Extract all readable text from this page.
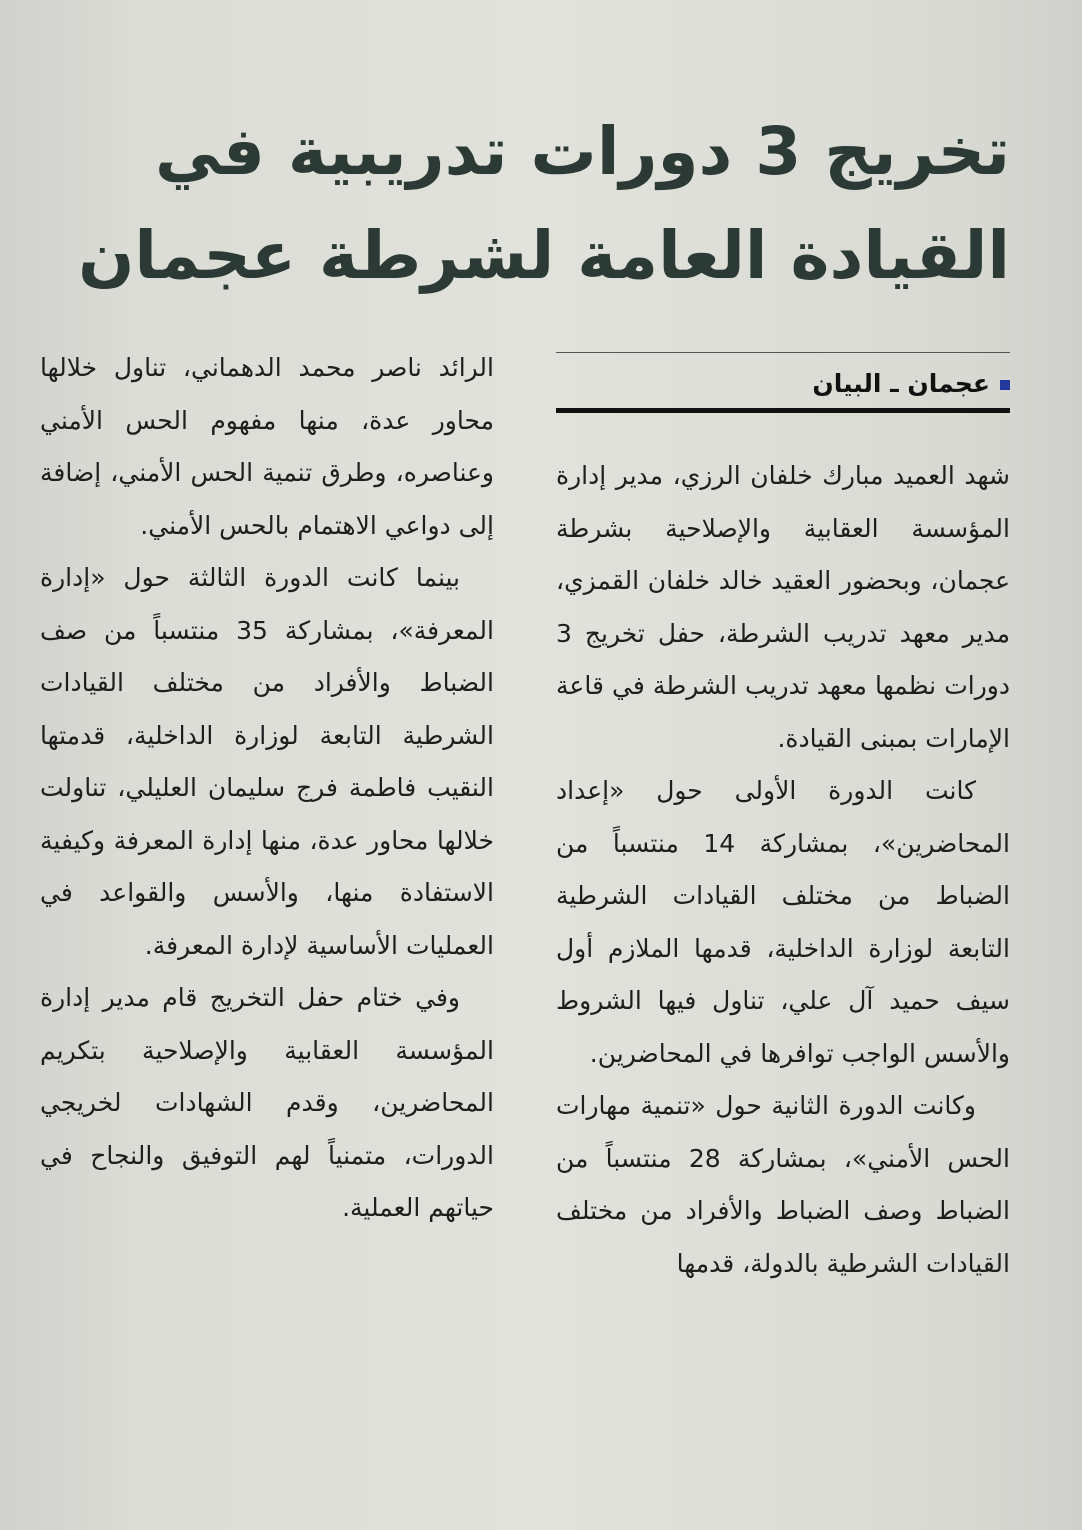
تخريج 3 دورات تدريبية في
القيادة العامة لشرطة عجمان
عجمان ـ البيان

شهد العميد مبارك خلفان الرزي، مدير إدارة المؤسسة العقابية والإصلاحية بشرطة عجمان، وبحضور العقيد خالد خلفان القمزي، مدير معهد تدريب الشرطة، حفل تخريج 3 دورات نظمها معهد تدريب الشرطة في قاعة الإمارات بمبنى القيادة.

كانت الدورة الأولى حول «إعداد المحاضرين»، بمشاركة 14 منتسباً من الضباط من مختلف القيادات الشرطية التابعة لوزارة الداخلية، قدمها الملازم أول سيف حميد آل علي، تناول فيها الشروط والأسس الواجب توافرها في المحاضرين.

وكانت الدورة الثانية حول «تنمية مهارات الحس الأمني»، بمشاركة 28 منتسباً من الضباط وصف الضباط والأفراد من مختلف القيادات الشرطية بالدولة، قدمها

الرائد ناصر محمد الدهماني، تناول خلالها محاور عدة، منها مفهوم الحس الأمني وعناصره، وطرق تنمية الحس الأمني، إضافة إلى دواعي الاهتمام بالحس الأمني.

بينما كانت الدورة الثالثة حول «إدارة المعرفة»، بمشاركة 35 منتسباً من صف الضباط والأفراد من مختلف القيادات الشرطية التابعة لوزارة الداخلية، قدمتها النقيب فاطمة فرج سليمان العليلي، تناولت خلالها محاور عدة، منها إدارة المعرفة وكيفية الاستفادة منها، والأسس والقواعد في العمليات الأساسية لإدارة المعرفة.

وفي ختام حفل التخريج قام مدير إدارة المؤسسة العقابية والإصلاحية بتكريم المحاضرين، وقدم الشهادات لخريجي الدورات، متمنياً لهم التوفيق والنجاح في حياتهم العملية.
